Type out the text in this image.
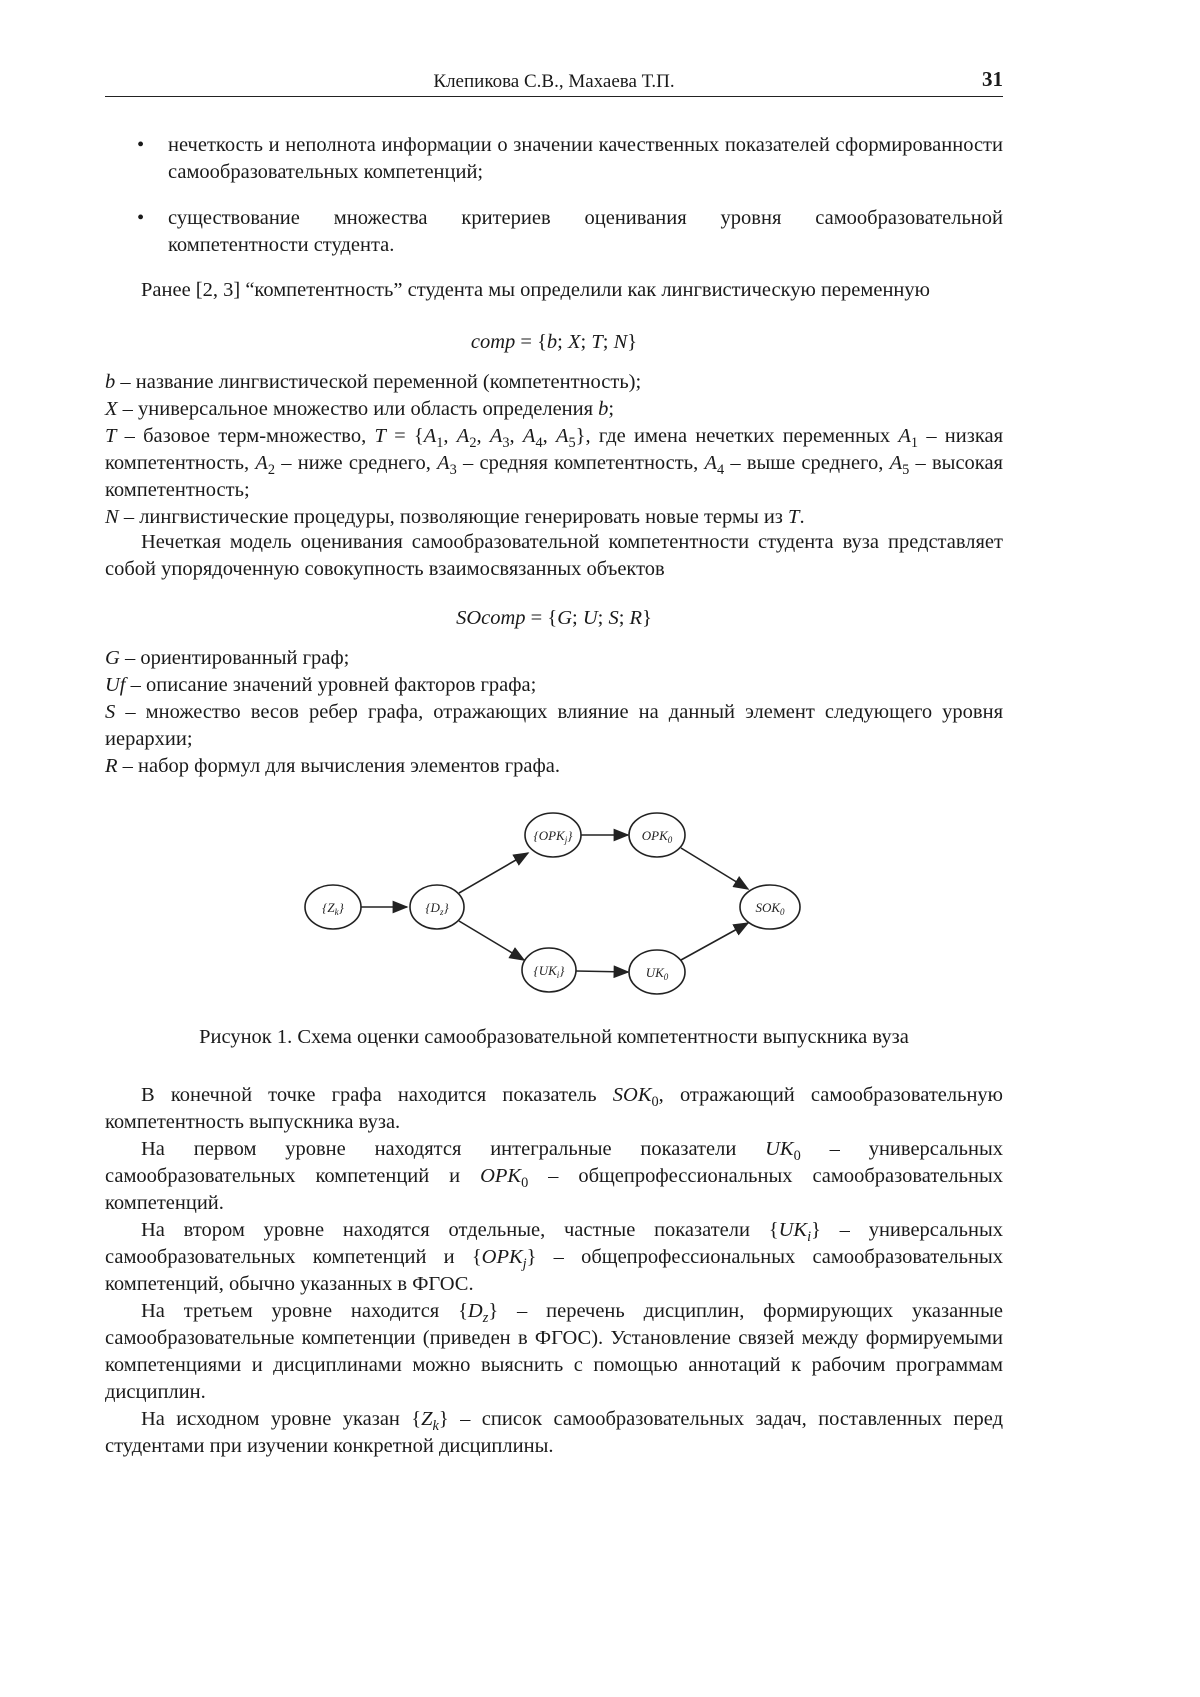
Клепикова С.В., Махаева Т.П.	31
•	нечеткость и неполнота информации о значении качественных показателей сформированности самообразовательных компетенций;
•	существование множества критериев оценивания уровня самообразовательной компетентности студента.

Ранее [2, 3] “компетентность” студента мы определили как лингвистическую переменную

comp = {b; X; T; N}

b – название лингвистической переменной (компетентность);

X – универсальное множество или область определения b;

T – базовое терм-множество, T = {A1, A2, A3, A4, A5}, где имена нечетких переменных A1 – низкая компетентность, A2 – ниже среднего, A3 – средняя компетентность, A4 – выше среднего, A5 – высокая компетентность;

N – лингвистические процедуры, позволяющие генерировать новые термы из T.

Нечеткая модель оценивания самообразовательной компетентности студента вуза представляет собой упорядоченную совокупность взаимосвязанных объектов

SOcomp = {G; U; S; R}

G – ориентированный граф;

Uf – описание значений уровней факторов графа;

S – множество весов ребер графа, отражающих влияние на данный элемент следующего уровня иерархии;

R – набор формул для вычисления элементов графа.

{Zk}	{Dz}
{OPKj}	OPK0
{UKi}	UK0
SOK0

Рисунок 1. Схема оценки самообразовательной компетентности выпускника вуза

В конечной точке графа находится показатель SOK0, отражающий самообразовательную компетентность выпускника вуза.

На первом уровне находятся интегральные показатели UK0 – универсальных самообразовательных компетенций и OPK0 – общепрофессиональных самообразовательных компетенций.

На втором уровне находятся отдельные, частные показатели {UKi} – универсальных самообразовательных компетенций и {OPKj} – общепрофессиональных самообразовательных компетенций, обычно указанных в ФГОС.

На третьем уровне находится {Dz} – перечень дисциплин, формирующих указанные самообразовательные компетенции (приведен в ФГОС). Установление связей между формируемыми компетенциями и дисциплинами можно выяснить с помощью аннотаций к рабочим программам дисциплин.

На исходном уровне указан {Zk} – список самообразовательных задач, поставленных перед студентами при изучении конкретной дисциплины.
